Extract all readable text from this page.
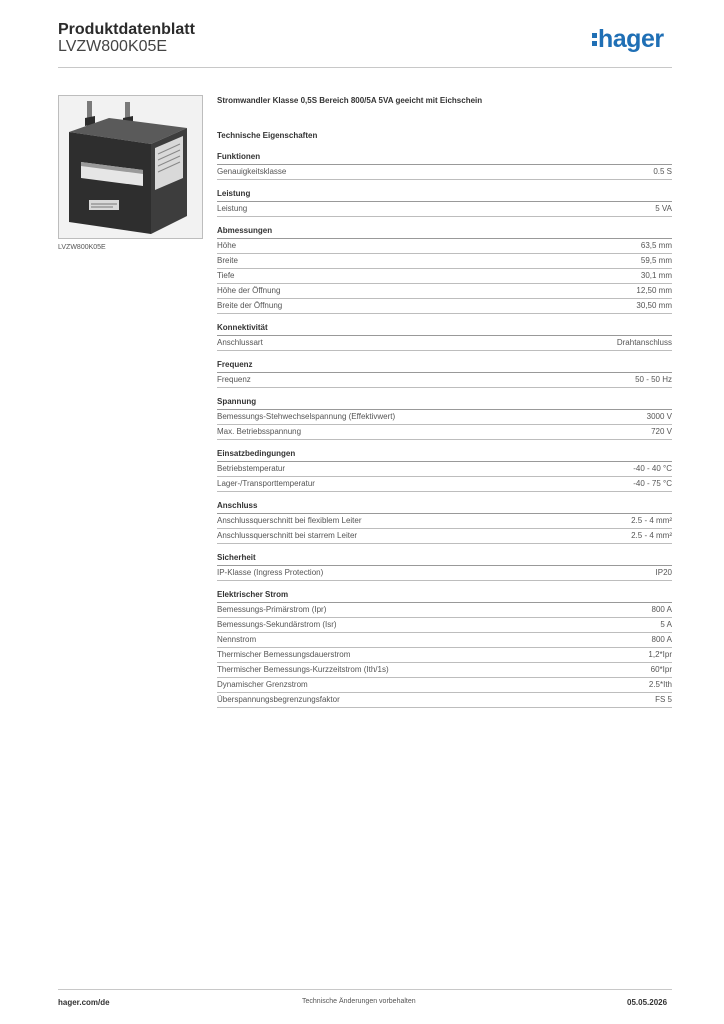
Produktdatenblatt
LVZW800K05E	hager
LVZW800K05E
Stromwandler Klasse 0,5S Bereich 800/5A 5VA geeicht mit Eichschein
Technische Eigenschaften
Funktionen
Genauigkeitsklasse	0.5 S
Leistung
Leistung	5 VA
Abmessungen
Höhe	63,5 mm
Breite	59,5 mm
Tiefe	30,1 mm
Höhe der Öffnung	12,50 mm
Breite der Öffnung	30,50 mm
Konnektivität
Anschlussart	Drahtanschluss
Frequenz
Frequenz	50 - 50 Hz
Spannung
Bemessungs-Stehwechselspannung (Effektivwert)	3000 V
Max. Betriebsspannung	720 V
Einsatzbedingungen
Betriebstemperatur	-40 - 40 °C
Lager-/Transporttemperatur	-40 - 75 °C
Anschluss
Anschlussquerschnitt bei flexiblem Leiter	2.5 - 4 mm²
Anschlussquerschnitt bei starrem Leiter	2.5 - 4 mm²
Sicherheit
IP-Klasse (Ingress Protection)	IP20
Elektrischer Strom
Bemessungs-Primärstrom (Ipr)	800 A
Bemessungs-Sekundärstrom (Isr)	5 A
Nennstrom	800 A
Thermischer Bemessungsdauerstrom	1,2*Ipr
Thermischer Bemessungs-Kurzzeitstrom (Ith/1s)	60*Ipr
Dynamischer Grenzstrom	2.5*Ith
Überspannungsbegrenzungsfaktor	FS 5
hager.com/de	Technische Änderungen vorbehalten	05.05.2026
